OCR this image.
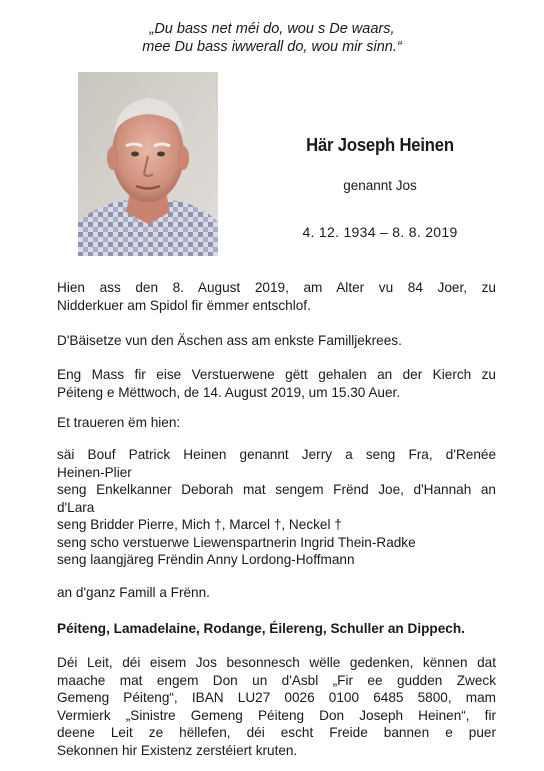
„Du bass net méi do, wou s De waars,
mee Du bass iwwerall do, wou mir sinn.“
Här Joseph Heinen
genannt Jos
4. 12. 1934 – 8. 8. 2019
Hien ass den 8. August 2019, am Alter vu 84 Joer, zu
Nidderkuer am Spidol fir ëmmer entschlof.
D'Bäisetze vun den Äschen ass am enkste Familljekrees.
Eng Mass fir eise Verstuerwene gëtt gehalen an der Kierch zu
Péiteng e Mëttwoch, de 14. August 2019, um 15.30 Auer.
Et traueren ëm hien:
säi Bouf Patrick Heinen genannt Jerry a seng Fra, d'Renée
Heinen-Plier
seng Enkelkanner Deborah mat sengem Frënd Joe, d'Hannah an
d'Lara
seng Bridder Pierre, Mich †, Marcel †, Neckel †
seng scho verstuerwe Liewenspartnerin Ingrid Thein-Radke
seng laangjäreg Frëndin Anny Lordong-Hoffmann
an d'ganz Famill a Frënn.
Péiteng, Lamadelaine, Rodange, Éilereng, Schuller an Dippech.
Déi Leit, déi eisem Jos besonnesch wëlle gedenken, kënnen dat
maache mat engem Don un d'Asbl „Fir ee gudden Zweck
Gemeng Péiteng“, IBAN LU27 0026 0100 6485 5800, mam
Vermierk „Sinistre Gemeng Péiteng Don Joseph Heinen“, fir
deene Leit ze hëllefen, déi escht Freide bannen e puer
Sekonnen hir Existenz zerstéiert kruten.
